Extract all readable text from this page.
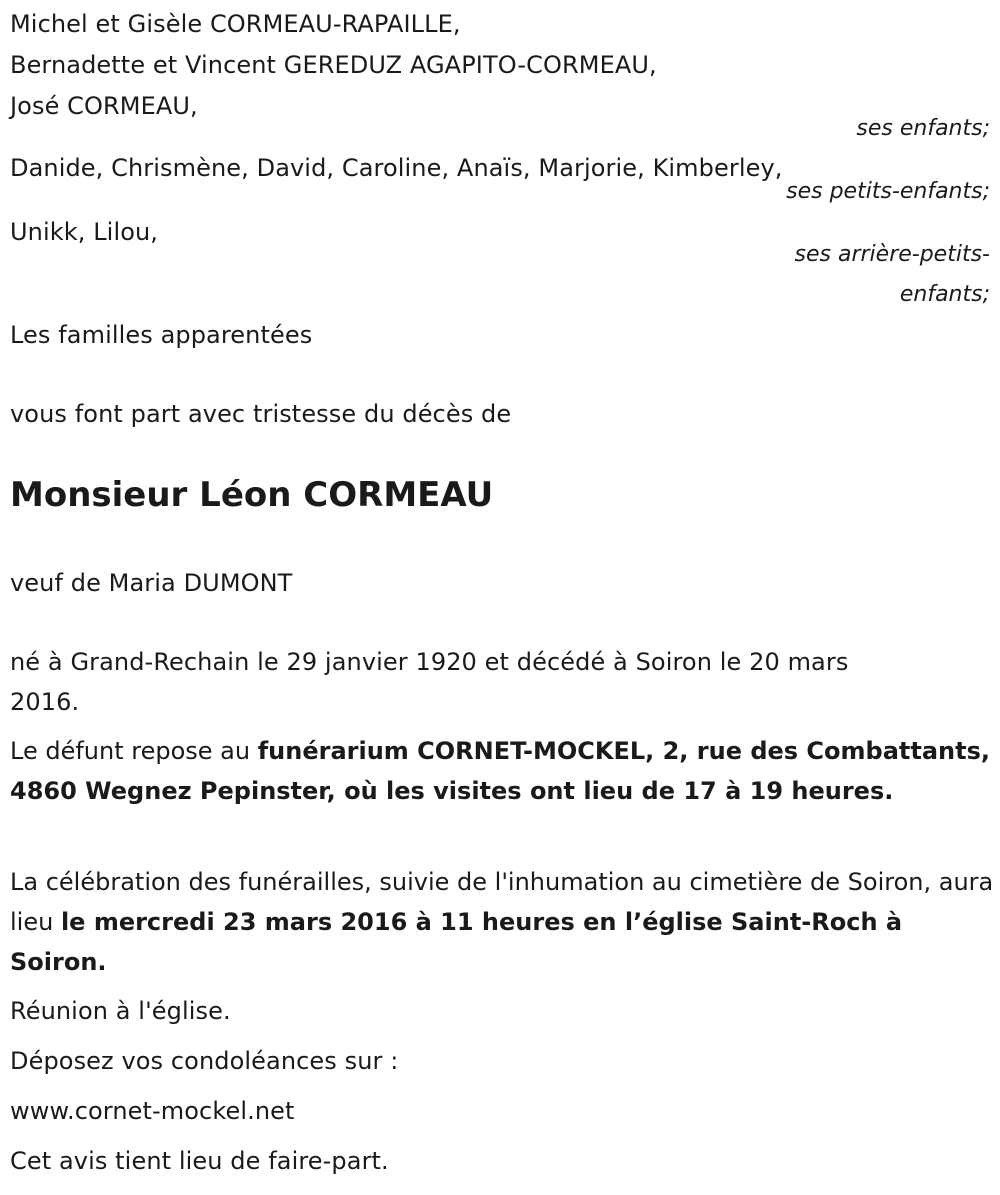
Michel et Gisèle CORMEAU-RAPAILLE,

Bernadette et Vincent GEREDUZ AGAPITO-CORMEAU,

José CORMEAU,

ses enfants;

Danide, Chrismène, David, Caroline, Anaïs, Marjorie, Kimberley,

ses petits-enfants;

Unikk, Lilou,

ses arrière-petits-

enfants;

Les familles apparentées

vous font part avec tristesse du décès de

Monsieur Léon CORMEAU

veuf de Maria DUMONT

né à Grand-Rechain le 29 janvier 1920 et décédé à Soiron le 20 mars

2016.

Le défunt repose au funérarium CORNET-MOCKEL, 2, rue des Combattants, 4860 Wegnez Pepinster, où les visites ont lieu de 17 à 19 heures.

La célébration des funérailles, suivie de l'inhumation au cimetière de Soiron, aura lieu le mercredi 23 mars 2016 à 11 heures en l’église Saint-Roch à Soiron.

Réunion à l'église.

Déposez vos condoléances sur :

www.cornet-mockel.net

Cet avis tient lieu de faire-part.
